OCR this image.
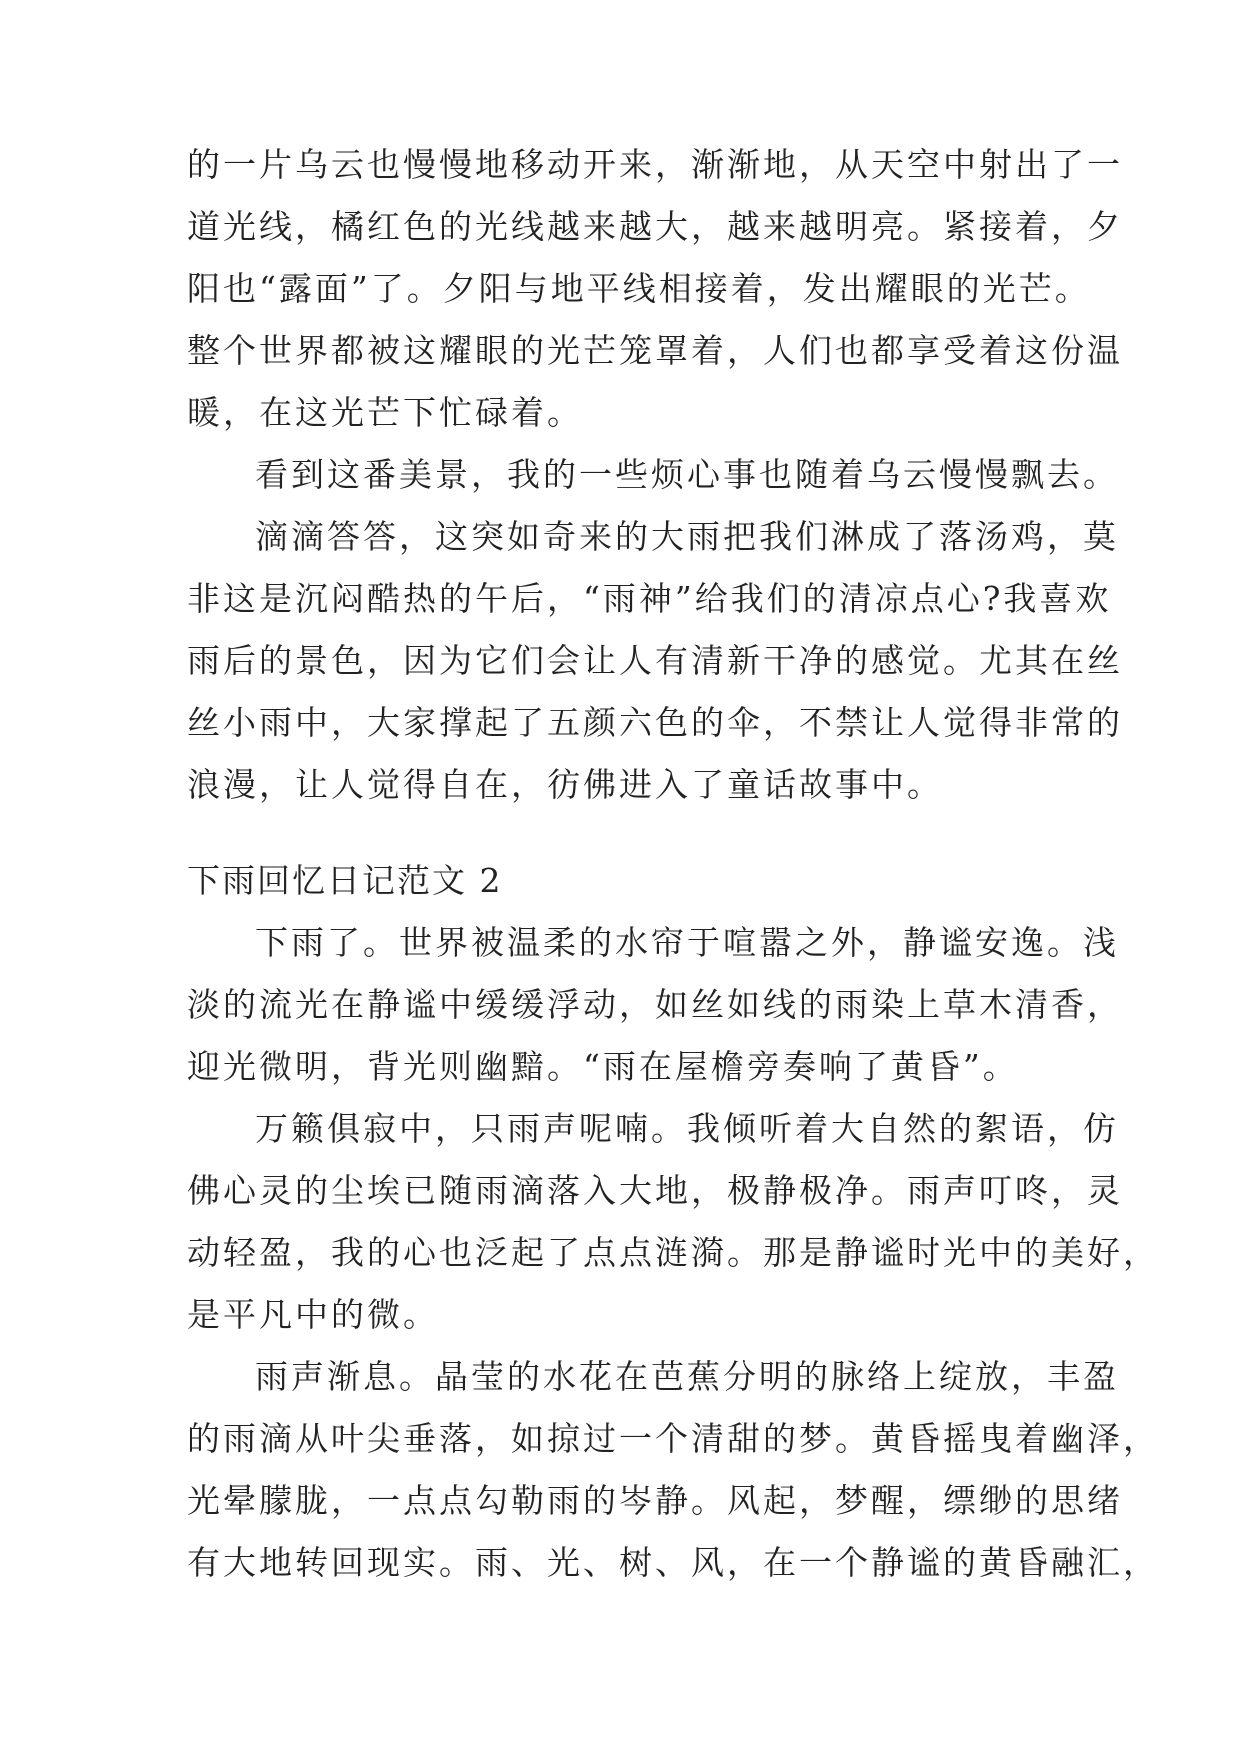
的一片乌云也慢慢地移动开来，渐渐地，从天空中射出了一
道光线，橘红色的光线越来越大，越来越明亮。紧接着，夕
阳也“露面”了。夕阳与地平线相接着，发出耀眼的光芒。
整个世界都被这耀眼的光芒笼罩着，人们也都享受着这份温
暖，在这光芒下忙碌着。
看到这番美景，我的一些烦心事也随着乌云慢慢飘去。
滴滴答答，这突如奇来的大雨把我们淋成了落汤鸡，莫
非这是沉闷酷热的午后，“雨神”给我们的清凉点心?我喜欢
雨后的景色，因为它们会让人有清新干净的感觉。尤其在丝
丝小雨中，大家撑起了五颜六色的伞，不禁让人觉得非常的
浪漫，让人觉得自在，彷佛进入了童话故事中。
下雨回忆日记范文 2
下雨了。世界被温柔的水帘于喧嚣之外，静谧安逸。浅
淡的流光在静谧中缓缓浮动，如丝如线的雨染上草木清香，
迎光微明，背光则幽黯。“雨在屋檐旁奏响了黄昏”。
万籁俱寂中，只雨声呢喃。我倾听着大自然的絮语，仿
佛心灵的尘埃已随雨滴落入大地，极静极净。雨声叮咚，灵
动轻盈，我的心也泛起了点点涟漪。那是静谧时光中的美好，
是平凡中的微。
雨声渐息。晶莹的水花在芭蕉分明的脉络上绽放，丰盈
的雨滴从叶尖垂落，如掠过一个清甜的梦。黄昏摇曳着幽泽，
光晕朦胧，一点点勾勒雨的岑静。风起，梦醒，缥缈的思绪
有大地转回现实。雨、光、树、风，在一个静谧的黄昏融汇，
